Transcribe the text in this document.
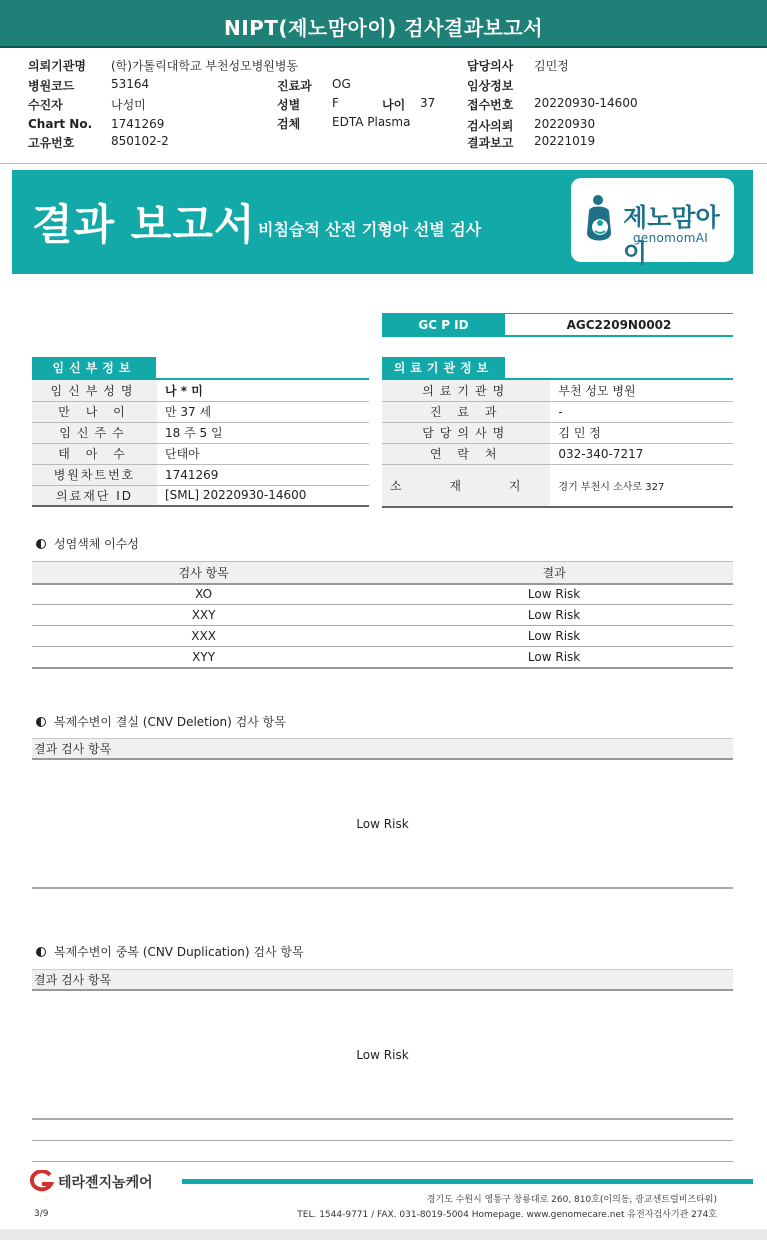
NIPT(제노맘아이) 검사결과보고서
의뢰기관명 (학)가톨릭대학교 부천성모병원병동
병원코드	53164
수진자	나성미
Chart No. 1741269
고유번호	850102-2
진료과 OG
성별	F	나이 37
검체	EDTA Plasma
담당의사 김민정
임상정보
접수번호 20220930-14600
검사의뢰 20220930
결과보고 20221019
결과 보고서 비침습적 산전 기형아 선별 검사	제노맘아이
genomomAI
GC P ID	AGC2209N0002
임신부정보
임신부성명	나 * 미
만 나 이	만 37 세
임신주수	18 주 5 일
태 아 수	단태아
병원차트번호	1741269
의료재단 ID	[SML] 20220930-14600
의료기관정보
의료기관명	부천 성모 병원
진 료 과	-
담당의사명	김 민 정
연 락 처	032-340-7217
소 재 지	경기 부천시 소사로 327
성염색체 이수성
검사 항목	결과
XO	Low Risk
XXY	Low Risk
XXX	Low Risk
XYY	Low Risk
복제수변이 결실 (CNV Deletion) 검사 항목
결과 검사 항목
Low Risk
복제수변이 중복 (CNV Duplication) 검사 항목
결과 검사 항목
Low Risk
테라젠지놈케어
경기도 수원시 영통구 창룡대로 260, 810호(이의동, 광교센트럴비즈타워)
TEL. 1544-9771 / FAX. 031-8019-5004 Homepage. www.genomecare.net 유전자검사기관 274호
3/9
